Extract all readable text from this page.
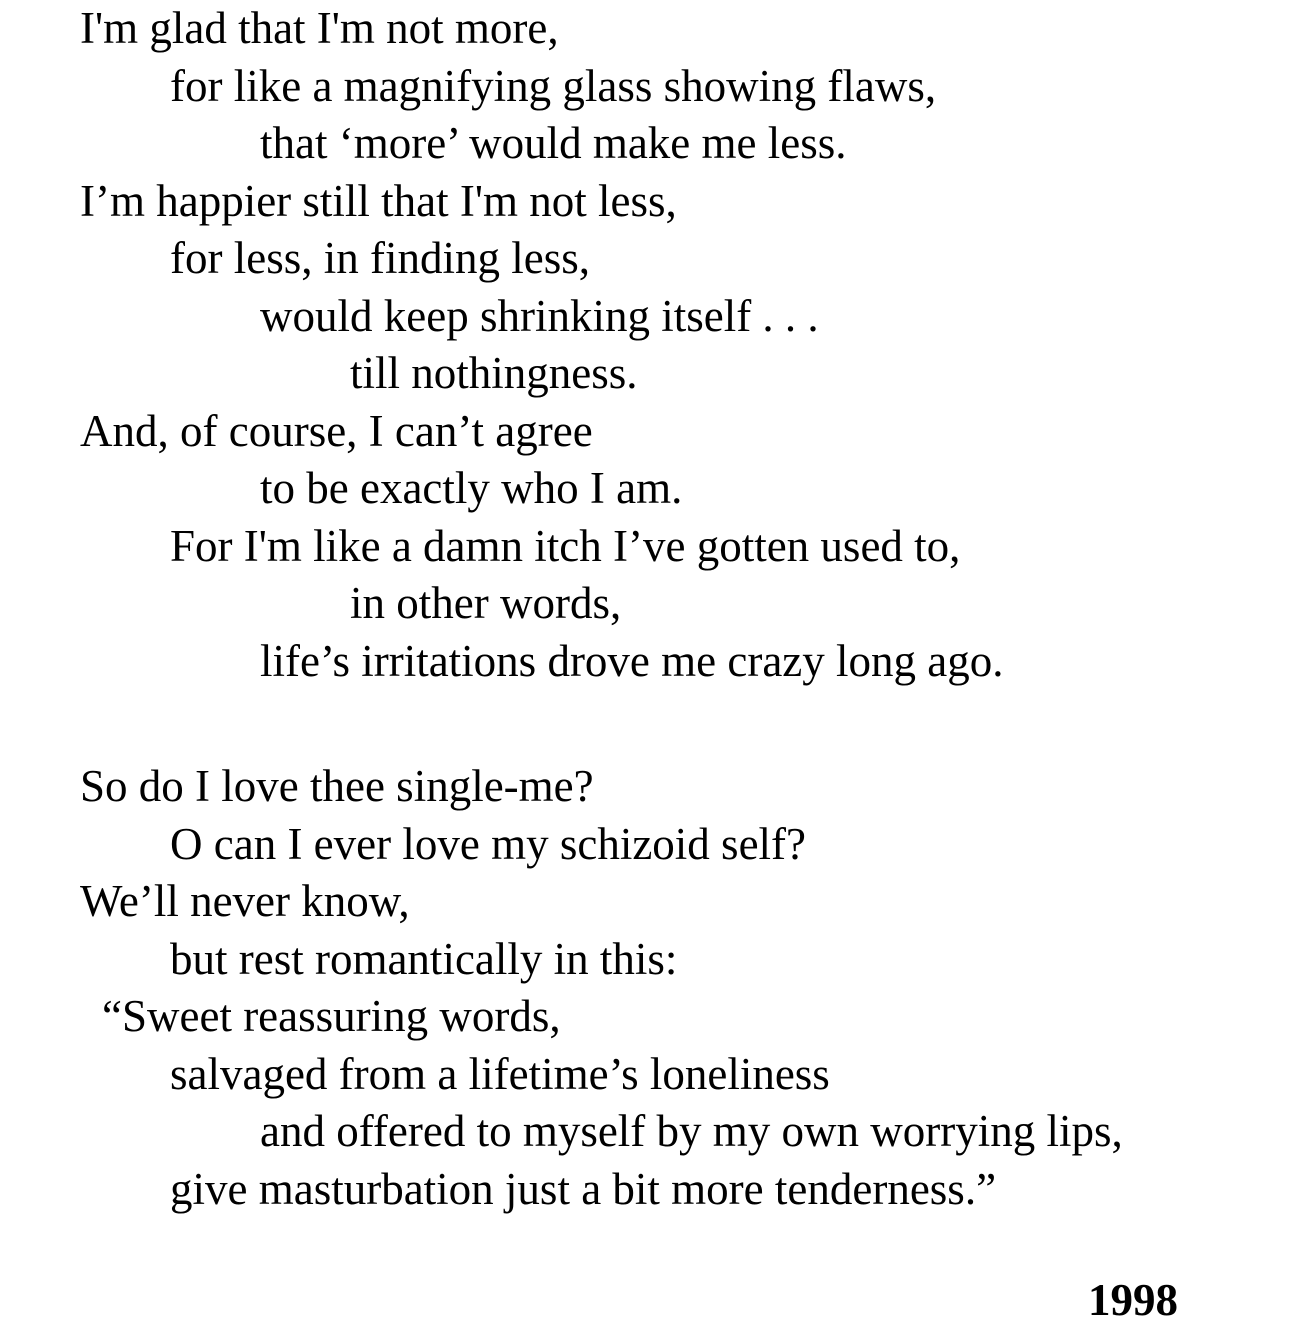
I'm glad that I'm not more,
for like a magnifying glass showing flaws,
that ‘more’ would make me less.
I’m happier still that I'm not less,
for less, in finding less,
would keep shrinking itself . . .
till nothingness.
And, of course, I can’t agree
to be exactly who I am.
For I'm like a damn itch I’ve gotten used to,
in other words,
life’s irritations drove me crazy long ago.
So do I love thee single-me?
O can I ever love my schizoid self?
We’ll never know,
but rest romantically in this:
“Sweet reassuring words,
salvaged from a lifetime’s loneliness
and offered to myself by my own worrying lips,
give masturbation just a bit more tenderness.”
1998
